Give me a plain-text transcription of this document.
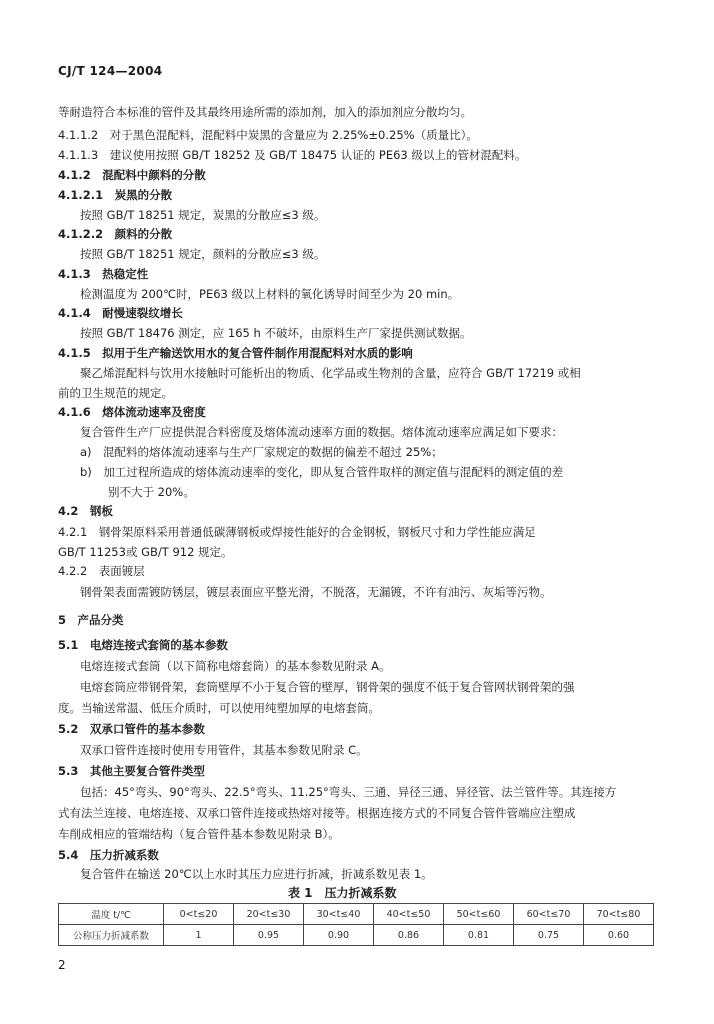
CJ/T 124—2004
等耐造符合本标准的管件及其最终用途所需的添加剂，加入的添加剂应分散均匀。
4.1.1.2　对于黑色混配料，混配料中炭黑的含量应为 2.25%±0.25%（质量比）。
4.1.1.3　建议使用按照 GB/T 18252 及 GB/T 18475 认证的 PE63 级以上的管材混配料。
4.1.2　混配料中颜料的分散
4.1.2.1　炭黑的分散
按照 GB/T 18251 规定，炭黑的分散应≤3 级。
4.1.2.2　颜料的分散
按照 GB/T 18251 规定，颜料的分散应≤3 级。
4.1.3　热稳定性
检测温度为 200℃时，PE63 级以上材料的氧化诱导时间至少为 20 min。
4.1.4　耐慢速裂纹增长
按照 GB/T 18476 测定，应 165 h 不破坏，由原料生产厂家提供测试数据。
4.1.5　拟用于生产输送饮用水的复合管件制作用混配料对水质的影响
聚乙烯混配料与饮用水接触时可能析出的物质、化学品或生物剂的含量，应符合 GB/T 17219 或相
前的卫生规范的规定。
4.1.6　熔体流动速率及密度
复合管件生产厂应提供混合料密度及熔体流动速率方面的数据。熔体流动速率应满足如下要求：
a)　混配料的熔体流动速率与生产厂家规定的数据的偏差不超过 25%；
b)　加工过程所造成的熔体流动速率的变化，即从复合管件取样的测定值与混配料的测定值的差
别不大于 20%。
4.2　钢板
4.2.1　钢骨架原料采用普通低碳薄钢板或焊接性能好的合金钢板，钢板尺寸和力学性能应满足
GB/T 11253或 GB/T 912 规定。
4.2.2　表面镀层
钢骨架表面需镀防锈层，镀层表面应平整光滑，不脱落，无漏镀，不许有油污、灰垢等污物。
5　产品分类
5.1　电熔连接式套筒的基本参数
电熔连接式套筒（以下简称电熔套筒）的基本参数见附录 A。
电熔套筒应带钢骨架，套筒壁厚不小于复合管的壁厚，钢骨架的强度不低于复合管网状钢骨架的强
度。当输送常温、低压介质时，可以使用纯塑加厚的电熔套筒。
5.2　双承口管件的基本参数
双承口管件连接时使用专用管件，其基本参数见附录 C。
5.3　其他主要复合管件类型
包括：45°弯头、90°弯头、22.5°弯头、11.25°弯头、三通、异径三通、异径管、法兰管件等。其连接方
式有法兰连接、电熔连接、双承口管件连接或热熔对接等。根据连接方式的不同复合管件管端应注塑成
车削成相应的管端结构（复合管件基本参数见附录 B）。
5.4　压力折减系数
复合管件在输送 20℃以上水时其压力应进行折减，折减系数见表 1。
温度 t/℃	0<t≤20	20<t≤30	30<t≤40	40<t≤50	50<t≤60	60<t≤70	70<t≤80
公称压力折减系数	1	0.95	0.90	0.86	0.81	0.75	0.60
表 1　压力折减系数
2
